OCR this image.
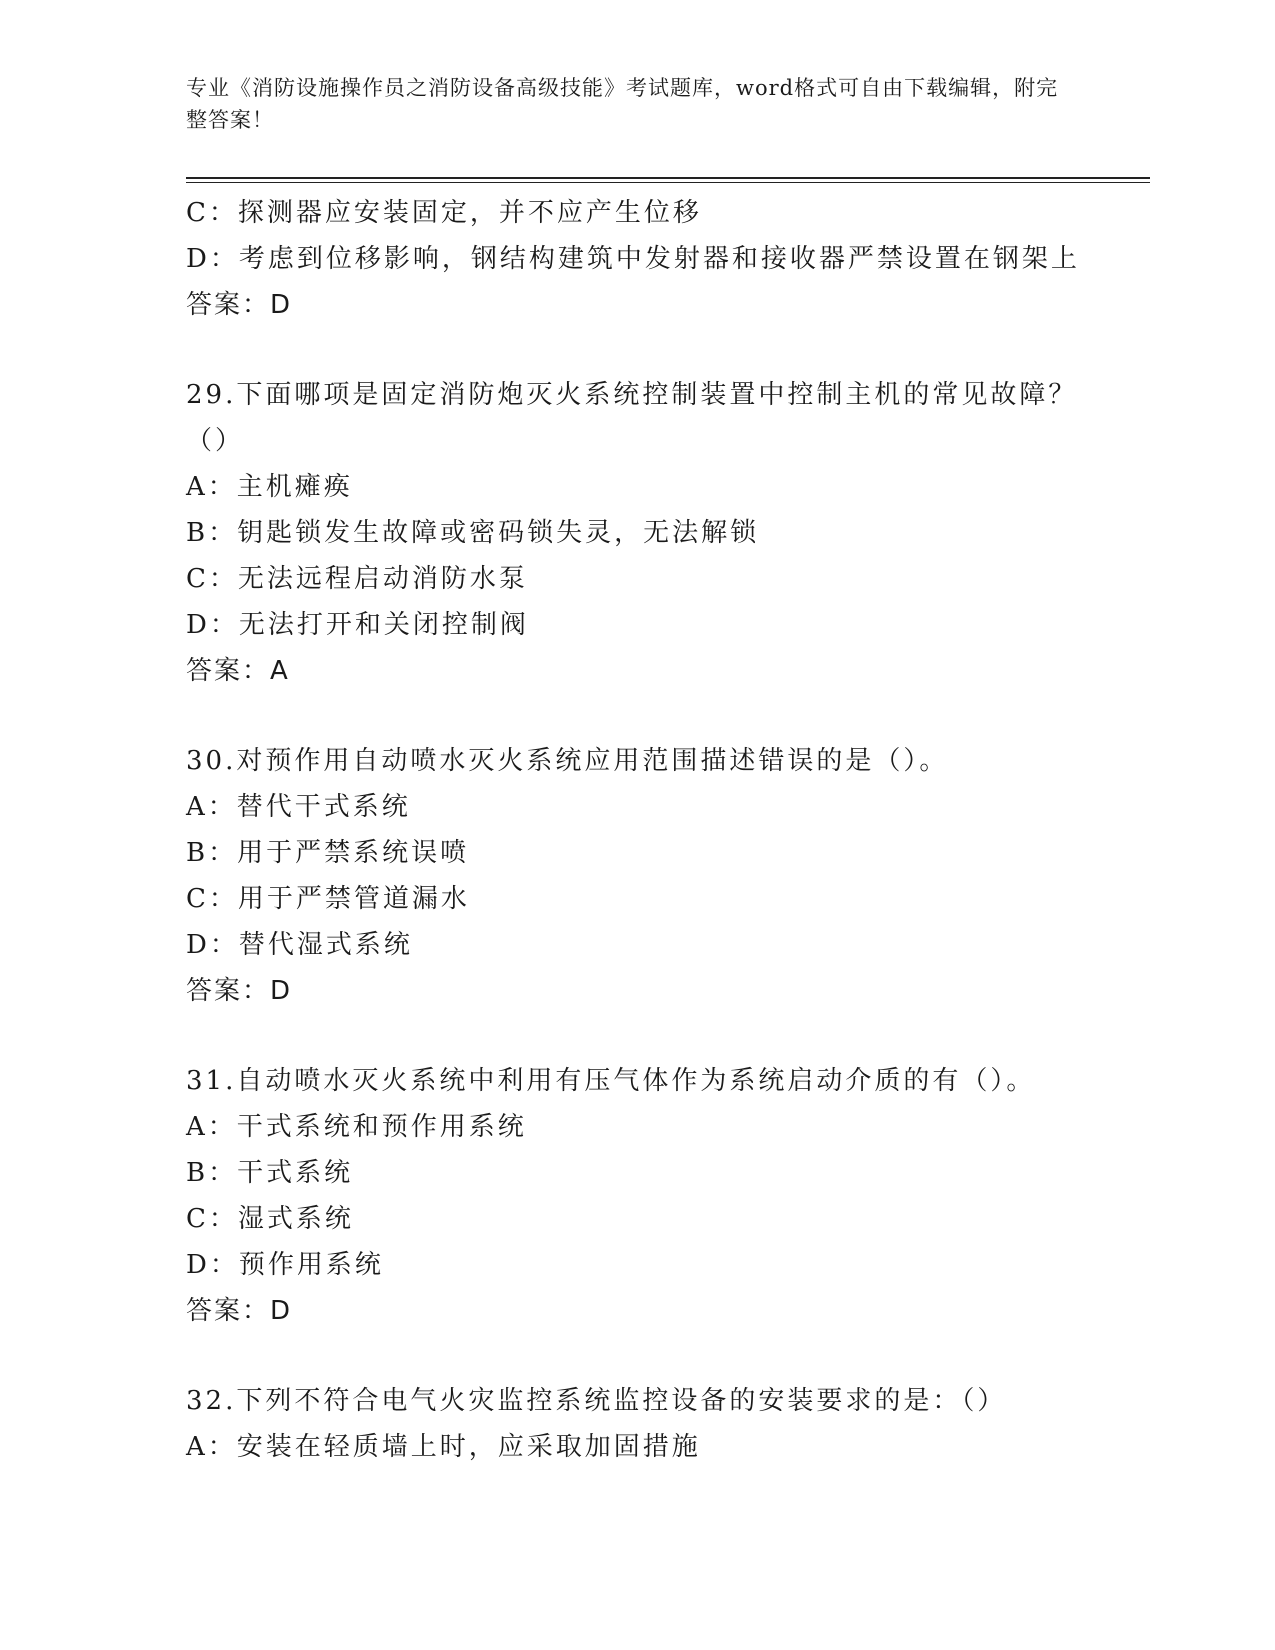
专业《消防设施操作员之消防设备高级技能》考试题库，word格式可自由下载编辑，附完整答案！
C：探测器应安装固定，并不应产生位移
D：考虑到位移影响，钢结构建筑中发射器和接收器严禁设置在钢架上
答案：D
29.下面哪项是固定消防炮灭火系统控制装置中控制主机的常见故障？
（）
A：主机瘫痪
B：钥匙锁发生故障或密码锁失灵，无法解锁
C：无法远程启动消防水泵
D：无法打开和关闭控制阀
答案：A
30.对预作用自动喷水灭火系统应用范围描述错误的是（）。
A：替代干式系统
B：用于严禁系统误喷
C：用于严禁管道漏水
D：替代湿式系统
答案：D
31.自动喷水灭火系统中利用有压气体作为系统启动介质的有（）。
A：干式系统和预作用系统
B：干式系统
C：湿式系统
D：预作用系统
答案：D
32.下列不符合电气火灾监控系统监控设备的安装要求的是：（）
A：安装在轻质墙上时，应采取加固措施
